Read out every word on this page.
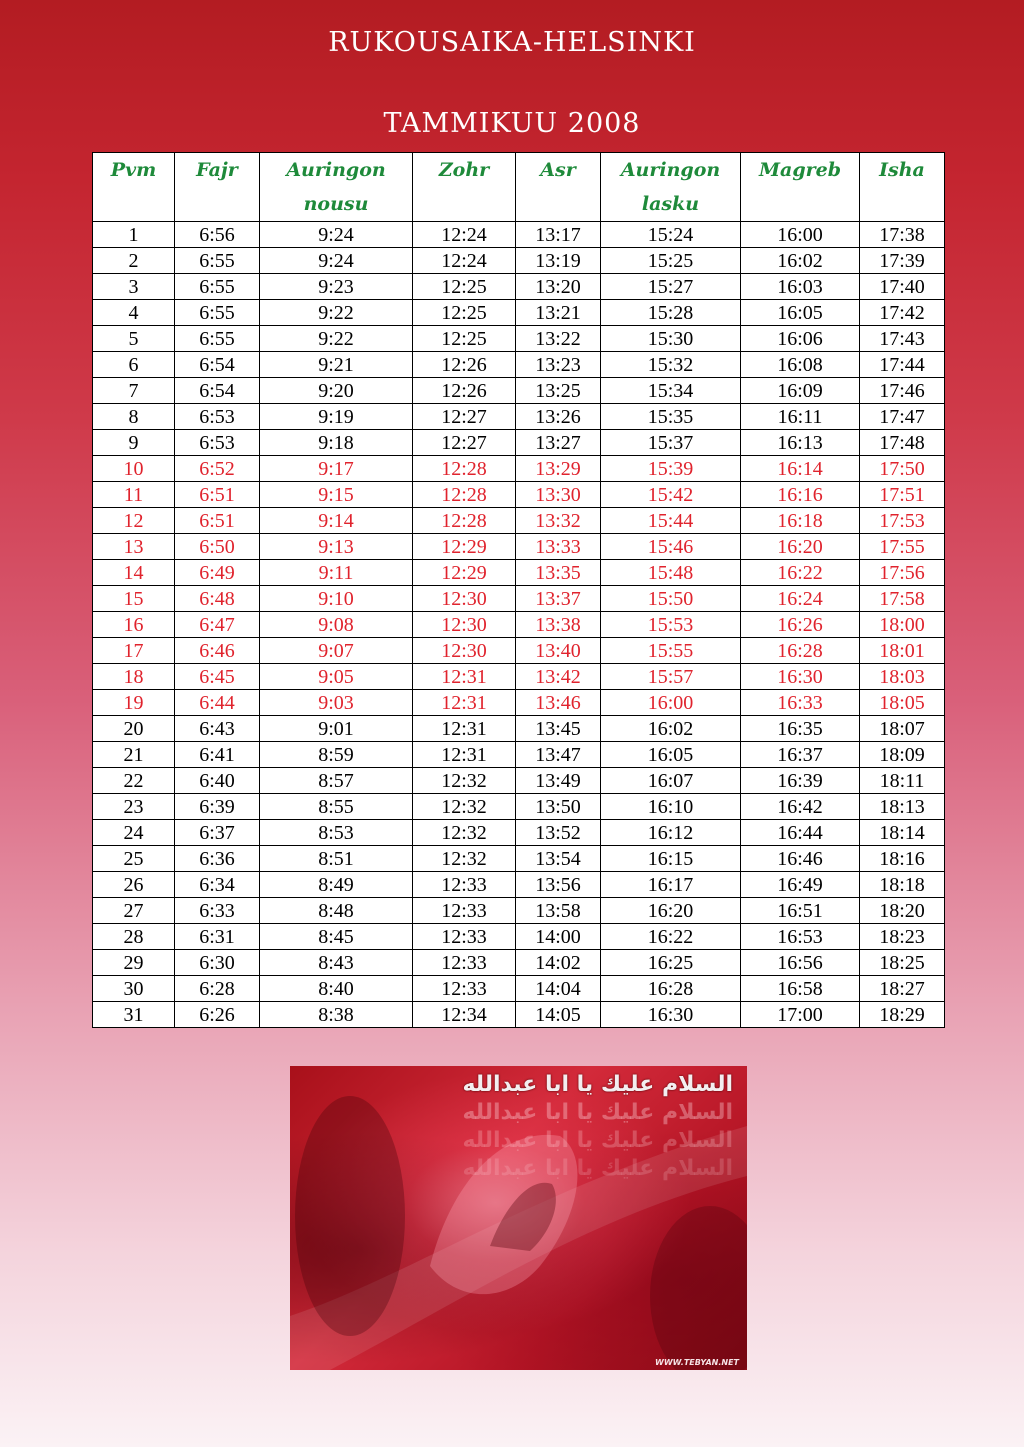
RUKOUSAIKA-HELSINKI
TAMMIKUU 2008
Pvm	Fajr	Auringon nousu	Zohr	Asr	Auringon lasku	Magreb	Isha
1	6:56	9:24	12:24	13:17	15:24	16:00	17:38
2	6:55	9:24	12:24	13:19	15:25	16:02	17:39
3	6:55	9:23	12:25	13:20	15:27	16:03	17:40
4	6:55	9:22	12:25	13:21	15:28	16:05	17:42
5	6:55	9:22	12:25	13:22	15:30	16:06	17:43
6	6:54	9:21	12:26	13:23	15:32	16:08	17:44
7	6:54	9:20	12:26	13:25	15:34	16:09	17:46
8	6:53	9:19	12:27	13:26	15:35	16:11	17:47
9	6:53	9:18	12:27	13:27	15:37	16:13	17:48
10	6:52	9:17	12:28	13:29	15:39	16:14	17:50
11	6:51	9:15	12:28	13:30	15:42	16:16	17:51
12	6:51	9:14	12:28	13:32	15:44	16:18	17:53
13	6:50	9:13	12:29	13:33	15:46	16:20	17:55
14	6:49	9:11	12:29	13:35	15:48	16:22	17:56
15	6:48	9:10	12:30	13:37	15:50	16:24	17:58
16	6:47	9:08	12:30	13:38	15:53	16:26	18:00
17	6:46	9:07	12:30	13:40	15:55	16:28	18:01
18	6:45	9:05	12:31	13:42	15:57	16:30	18:03
19	6:44	9:03	12:31	13:46	16:00	16:33	18:05
20	6:43	9:01	12:31	13:45	16:02	16:35	18:07
21	6:41	8:59	12:31	13:47	16:05	16:37	18:09
22	6:40	8:57	12:32	13:49	16:07	16:39	18:11
23	6:39	8:55	12:32	13:50	16:10	16:42	18:13
24	6:37	8:53	12:32	13:52	16:12	16:44	18:14
25	6:36	8:51	12:32	13:54	16:15	16:46	18:16
26	6:34	8:49	12:33	13:56	16:17	16:49	18:18
27	6:33	8:48	12:33	13:58	16:20	16:51	18:20
28	6:31	8:45	12:33	14:00	16:22	16:53	18:23
29	6:30	8:43	12:33	14:02	16:25	16:56	18:25
30	6:28	8:40	12:33	14:04	16:28	16:58	18:27
31	6:26	8:38	12:34	14:05	16:30	17:00	18:29
السلام عليك يا ابا عبدالله
السلام عليك يا ابا عبدالله
السلام عليك يا ابا عبدالله
السلام عليك يا ابا عبدالله
WWW.TEBYAN.NET
